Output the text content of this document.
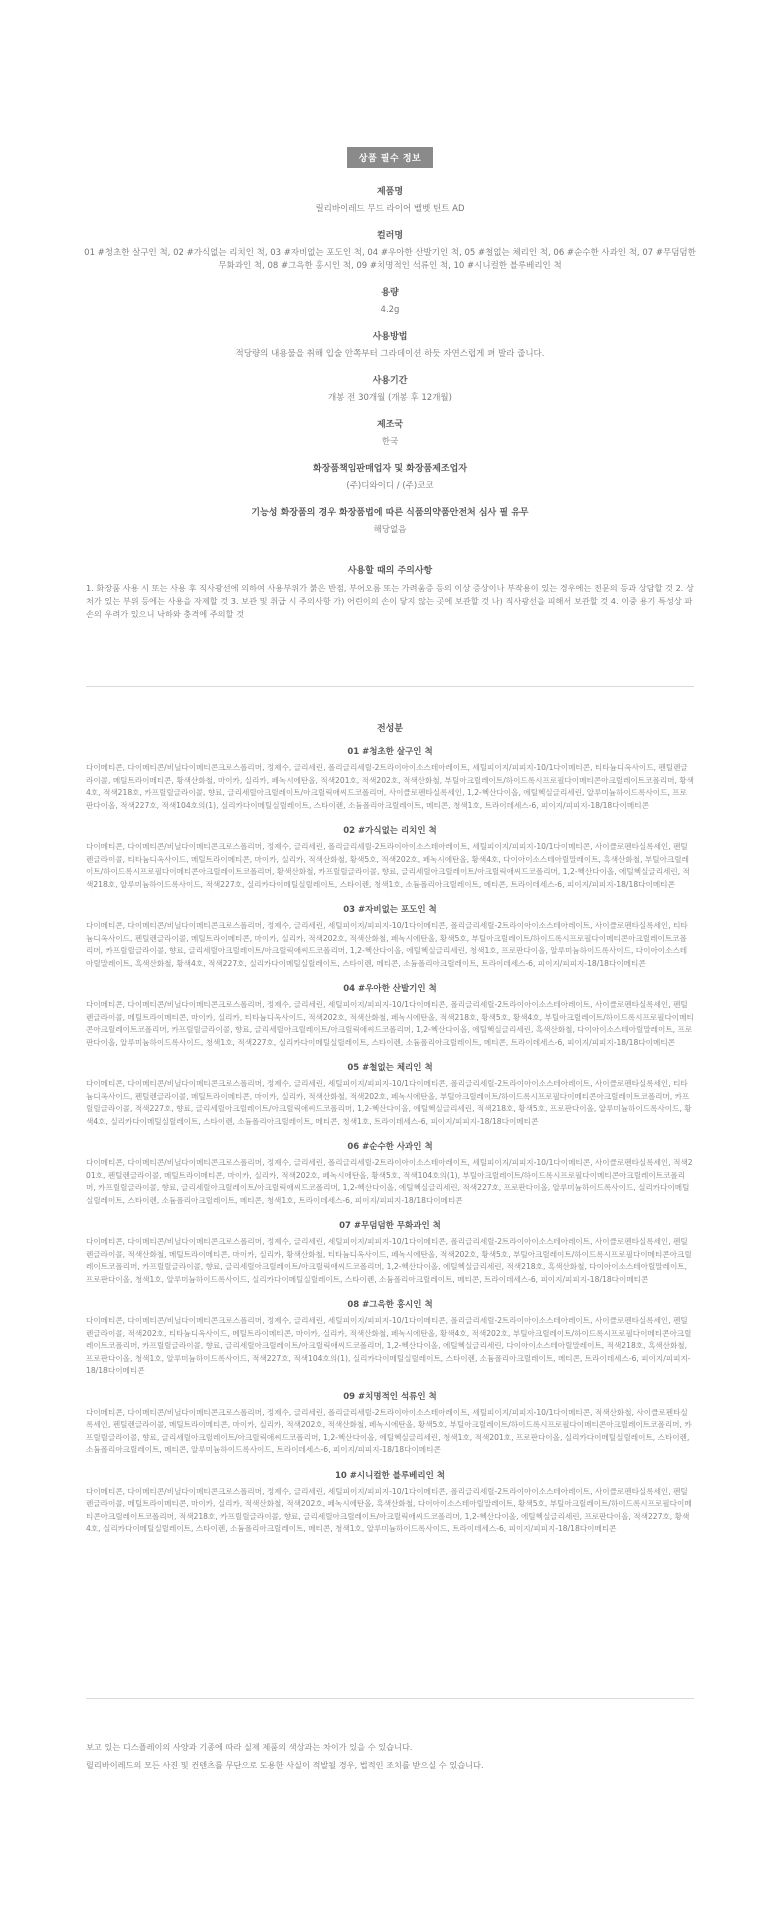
상품 필수 정보
제품명
릴리바이레드 무드 라이어 벨벳 틴트 AD
컬러명
01 #청초한 살구인 척, 02 #가식없는 리치인 척, 03 #자비없는 포도인 척, 04 #우아한 산발기인 척, 05 #철없는 체리인 척, 06 #순수한 사과인 척, 07 #무덤덤한 무화과인 척, 08 #그윽한 홍시인 척, 09 #치명적인 석류인 척, 10 #시니컬한 블루베리인 척
용량
4.2g
사용방법
적당량의 내용물을 취해 입술 안쪽부터 그라데이션 하듯 자연스럽게 펴 발라 줍니다.
사용기간
개봉 전 30개월 (개봉 후 12개월)
제조국
한국
화장품책임판매업자 및 화장품제조업자
(주)디와이디 / (주)코코
기능성 화장품의 경우 화장품법에 따른 식품의약품안전처 심사 필 유무
해당없음
사용할 때의 주의사항
1. 화장품 사용 시 또는 사용 후 직사광선에 의하여 사용부위가 붉은 반점, 부어오름 또는 가려움증 등의 이상 증상이나 부작용이 있는 경우에는 전문의 등과 상담할 것 2. 상처가 있는 부위 등에는 사용을 자제할 것 3. 보관 및 취급 시 주의사항 가) 어린이의 손이 닿지 않는 곳에 보관할 것 나) 직사광선을 피해서 보관할 것 4. 이중 용기 특성상 파손의 우려가 있으니 낙하와 충격에 주의할 것
전성분
01 #청초한 살구인 척
다이메티콘, 다이메티콘/비닐다이메티콘크로스폴리머, 정제수, 글리세린, 폴리글리세릴-2트라이아이소스테아레이트, 세틸피이지/피피지-10/1다이메티콘, 티타늄디옥사이드, 펜틸렌글라이콜, 메틸트라이메티콘, 황색산화철, 마이카, 실리카, 페녹시에탄올, 적색201호, 적색202호, 적색산화철, 부틸아크릴레이트/하이드록시프로필다이메티콘아크릴레이트코폴리머, 황색4호, 적색218호, 카프릴릴글라이콜, 향료, 글리세릴아크릴레이트/아크릴릭애씨드코폴리머, 사이클로펜타실록세인, 1,2-헥산다이올, 에틸헥실글리세린, 알루미늄하이드록사이드, 프로판다이올, 적색227호, 적색104호의(1), 실리카다이메틸실릴레이트, 스타이렌, 소듐폴리아크릴레이트, 메티콘, 청색1호, 트라이데세스-6, 피이지/피피지-18/18다이메티콘
02 #가식없는 리치인 척
다이메티콘, 다이메티콘/비닐다이메티콘크로스폴리머, 정제수, 글리세린, 폴리글리세릴-2트라이아이소스테아레이트, 세틸피이지/피피지-10/1다이메티콘, 사이클로펜타실록세인, 펜틸렌글라이콜, 티타늄디옥사이드, 메틸트라이메티콘, 마이카, 실리카, 적색산화철, 황색5호, 적색202호, 페녹시에탄올, 황색4호, 다이아이소스테아릴말레이트, 흑색산화철, 부틸아크릴레이트/하이드록시프로필다이메티콘아크릴레이트코폴리머, 황색산화철, 카프릴릴글라이콜, 향료, 글리세릴아크릴레이트/아크릴릭애씨드코폴리머, 1,2-헥산다이올, 에틸헥실글리세린, 적색218호, 알루미늄하이드록사이드, 적색227호, 실리카다이메틸실릴레이트, 스타이렌, 청색1호, 소듐폴리아크릴레이트, 메티콘, 트라이데세스-6, 피이지/피피지-18/18다이메티콘
03 #자비없는 포도인 척
다이메티콘, 다이메티콘/비닐다이메티콘크로스폴리머, 정제수, 글리세린, 세틸피이지/피피지-10/1다이메티콘, 폴리글리세릴-2트라이아이소스테아레이트, 사이클로펜타실록세인, 티타늄디옥사이드, 펜틸렌글라이콜, 메틸트라이메티콘, 마이카, 실리카, 적색202호, 적색산화철, 페녹시에탄올, 황색5호, 부틸아크릴레이트/하이드록시프로필다이메티콘아크릴레이트코폴리머, 카프릴릴글라이콜, 향료, 글리세릴아크릴레이트/아크릴릭애씨드코폴리머, 1,2-헥산다이올, 에틸헥실글리세린, 청색1호, 프로판다이올, 알루미늄하이드록사이드, 다이아이소스테아릴말레이트, 흑색산화철, 황색4호, 적색227호, 실리카다이메틸실릴레이트, 스타이렌, 메티콘, 소듐폴리아크릴레이트, 트라이데세스-6, 피이지/피피지-18/18다이메티콘
04 #우아한 산발기인 척
다이메티콘, 다이메티콘/비닐다이메티콘크로스폴리머, 정제수, 글리세린, 세틸피이지/피피지-10/1다이메티콘, 폴리글리세릴-2트라이아이소스테아레이트, 사이클로펜타실록세인, 펜틸렌글라이콜, 메틸트라이메티콘, 마이카, 실리카, 티타늄디옥사이드, 적색202호, 적색산화철, 페녹시에탄올, 적색218호, 황색5호, 황색4호, 부틸아크릴레이트/하이드록시프로필다이메티콘아크릴레이트코폴리머, 카프릴릴글라이콜, 향료, 글리세릴아크릴레이트/아크릴릭애씨드코폴리머, 1,2-헥산다이올, 에틸헥실글리세린, 흑색산화철, 다이아이소스테아릴말레이트, 프로판다이올, 알루미늄하이드록사이드, 청색1호, 적색227호, 실리카다이메틸실릴레이트, 스타이렌, 소듐폴리아크릴레이트, 메티콘, 트라이데세스-6, 피이지/피피지-18/18다이메티콘
05 #철없는 체리인 척
다이메티콘, 다이메티콘/비닐다이메티콘크로스폴리머, 정제수, 글리세린, 세틸피이지/피피지-10/1다이메티콘, 폴리글리세릴-2트라이아이소스테아레이트, 사이클로펜타실록세인, 티타늄디옥사이드, 펜틸렌글라이콜, 메틸트라이메티콘, 마이카, 실리카, 적색산화철, 적색202호, 페녹시에탄올, 부틸아크릴레이트/하이드록시프로필다이메티콘아크릴레이트코폴리머, 카프릴릴글라이콜, 적색227호, 향료, 글리세릴아크릴레이트/아크릴릭애씨드코폴리머, 1,2-헥산다이올, 에틸헥실글리세린, 적색218호, 황색5호, 프로판다이올, 알루미늄하이드록사이드, 황색4호, 실리카다이메틸실릴레이트, 스타이렌, 소듐폴리아크릴레이트, 메티콘, 청색1호, 트라이데세스-6, 피이지/피피지-18/18다이메티콘
06 #순수한 사과인 척
다이메티콘, 다이메티콘/비닐다이메티콘크로스폴리머, 정제수, 글리세린, 폴리글리세릴-2트라이아이소스테아레이트, 세틸피이지/피피지-10/1다이메티콘, 사이클로펜타실록세인, 적색201호, 펜틸렌글라이콜, 메틸트라이메티콘, 마이카, 실리카, 적색202호, 페녹시에탄올, 황색5호, 적색104호의(1), 부틸아크릴레이트/하이드록시프로필다이메티콘아크릴레이트코폴리머, 카프릴릴글라이콜, 향료, 글리세릴아크릴레이트/아크릴릭애씨드코폴리머, 1,2-헥산다이올, 에틸헥실글리세린, 적색227호, 프로판다이올, 알루미늄하이드록사이드, 실리카다이메틸실릴레이트, 스타이렌, 소듐폴리아크릴레이트, 메티콘, 청색1호, 트라이데세스-6, 피이지/피피지-18/18다이메티콘
07 #무덤덤한 무화과인 척
다이메티콘, 다이메티콘/비닐다이메티콘크로스폴리머, 정제수, 글리세린, 세틸피이지/피피지-10/1다이메티콘, 폴리글리세릴-2트라이아이소스테아레이트, 사이클로펜타실록세인, 펜틸렌글라이콜, 적색산화철, 메틸트라이메티콘, 마이카, 실리카, 황색산화철, 티타늄디옥사이드, 페녹시에탄올, 적색202호, 황색5호, 부틸아크릴레이트/하이드록시프로필다이메티콘아크릴레이트코폴리머, 카프릴릴글라이콜, 향료, 글리세릴아크릴레이트/아크릴릭애씨드코폴리머, 1,2-헥산다이올, 에틸헥실글리세린, 적색218호, 흑색산화철, 다이아이소스테아릴말레이트, 프로판다이올, 청색1호, 알루미늄하이드록사이드, 실리카다이메틸실릴레이트, 스타이렌, 소듐폴리아크릴레이트, 메티콘, 트라이데세스-6, 피이지/피피지-18/18다이메티콘
08 #그윽한 홍시인 척
다이메티콘, 다이메티콘/비닐다이메티콘크로스폴리머, 정제수, 글리세린, 세틸피이지/피피지-10/1다이메티콘, 폴리글리세릴-2트라이아이소스테아레이트, 사이클로펜타실록세인, 펜틸렌글라이콜, 적색202호, 티타늄디옥사이드, 메틸트라이메티콘, 마이카, 실리카, 적색산화철, 페녹시에탄올, 황색4호, 적색202호, 부틸아크릴레이트/하이드록시프로필다이메티콘아크릴레이트코폴리머, 카프릴릴글라이콜, 향료, 글리세릴아크릴레이트/아크릴릭애씨드코폴리머, 1,2-헥산다이올, 에틸헥실글리세린, 다이아이소스테아릴말레이트, 적색218호, 흑색산화철, 프로판다이올, 청색1호, 알루미늄하이드록사이드, 적색227호, 적색104호의(1), 실리카다이메틸실릴레이트, 스타이렌, 소듐폴리아크릴레이트, 메티콘, 트라이데세스-6, 피이지/피피지-18/18다이메티콘
09 #치명적인 석류인 척
다이메티콘, 다이메티콘/비닐다이메티콘크로스폴리머, 정제수, 글리세린, 폴리글리세릴-2트라이아이소스테아레이트, 세틸피이지/피피지-10/1다이메티콘, 적색산화철, 사이클로펜타실록세인, 펜틸렌글라이콜, 메틸트라이메티콘, 마이카, 실리카, 적색202호, 적색산화철, 페녹시에탄올, 황색5호, 부틸아크릴레이트/하이드록시프로필다이메티콘아크릴레이트코폴리머, 카프릴릴글라이콜, 향료, 글리세릴아크릴레이트/아크릴릭애씨드코폴리머, 1,2-헥산다이올, 에틸헥실글리세린, 청색1호, 적색201호, 프로판다이올, 실리카다이메틸실릴레이트, 스타이렌, 소듐폴리아크릴레이트, 메티콘, 알루미늄하이드록사이드, 트라이데세스-6, 피이지/피피지-18/18다이메티콘
10 #시니컬한 블루베리인 척
다이메티콘, 다이메티콘/비닐다이메티콘크로스폴리머, 정제수, 글리세린, 세틸피이지/피피지-10/1다이메티콘, 폴리글리세릴-2트라이아이소스테아레이트, 사이클로펜타실록세인, 펜틸렌글라이콜, 메틸트라이메티콘, 마이카, 실리카, 적색산화철, 적색202호, 페녹시에탄올, 흑색산화철, 다이아이소스테아릴말레이트, 황색5호, 부틸아크릴레이트/하이드록시프로필다이메티콘아크릴레이트코폴리머, 적색218호, 카프릴릴글라이콜, 향료, 글리세릴아크릴레이트/아크릴릭애씨드코폴리머, 1,2-헥산다이올, 에틸헥실글리세린, 프로판다이올, 적색227호, 황색4호, 실리카다이메틸실릴레이트, 스타이렌, 소듐폴리아크릴레이트, 메티콘, 청색1호, 알루미늄하이드록사이드, 트라이데세스-6, 피이지/피피지-18/18다이메티콘
보고 있는 디스플레이의 사양과 기종에 따라 실제 제품의 색상과는 차이가 있을 수 있습니다.
릴리바이레드의 모든 사진 및 컨텐츠를 무단으로 도용한 사실이 적발될 경우, 법적인 조치를 받으실 수 있습니다.
